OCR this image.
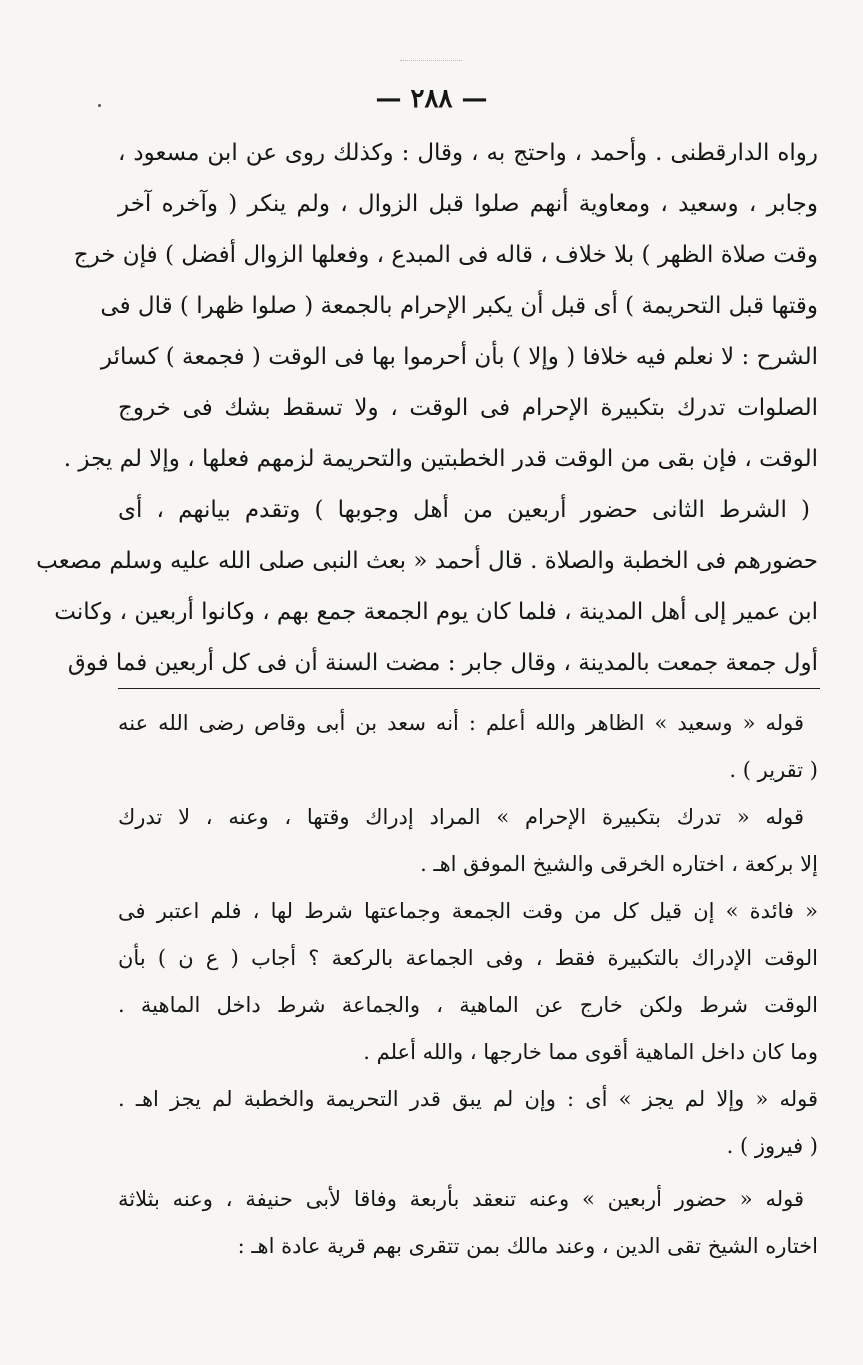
— ٢٨٨ —
رواه الدارقطنى . وأحمد ، واحتج به ، وقال : وكذلك روى عن ابن مسعود ،
وجابر ، وسعيد ، ومعاوية أنهم صلوا قبل الزوال ، ولم ينكر ( وآخره آخر
وقت صلاة الظهر ) بلا خلاف ، قاله فى المبدع ، وفعلها الزوال أفضل ) فإن خرج
وقتها قبل التحريمة ) أى قبل أن يكبر الإحرام بالجمعة ( صلوا ظهرا ) قال فى
الشرح : لا نعلم فيه خلافا ( وإلا ) بأن أحرموا بها فى الوقت ( فجمعة ) كسائر
الصلوات تدرك بتكبيرة الإحرام فى الوقت ، ولا تسقط بشك فى خروج
الوقت ، فإن بقى من الوقت قدر الخطبتين والتحريمة لزمهم فعلها ، وإلا لم يجز .
( الشرط الثانى حضور أربعين من أهل وجوبها ) وتقدم بيانهم ، أى
حضورهم فى الخطبة والصلاة . قال أحمد « بعث النبى صلى الله عليه وسلم مصعب
ابن عمير إلى أهل المدينة ، فلما كان يوم الجمعة جمع بهم ، وكانوا أربعين ، وكانت
أول جمعة جمعت بالمدينة ، وقال جابر : مضت السنة أن فى كل أربعين فما فوق
قوله « وسعيد » الظاهر والله أعلم : أنه سعد بن أبى وقاص رضى الله عنه
( تقرير ) .
قوله « تدرك بتكبيرة الإحرام » المراد إدراك وقتها ، وعنه ، لا تدرك
إلا بركعة ، اختاره الخرقى والشيخ الموفق اهـ .
« فائدة » إن قيل كل من وقت الجمعة وجماعتها شرط لها ، فلم اعتبر فى
الوقت الإدراك بالتكبيرة فقط ، وفى الجماعة بالركعة ؟ أجاب ( ع ن ) بأن
الوقت شرط ولكن خارج عن الماهية ، والجماعة شرط داخل الماهية .
وما كان داخل الماهية أقوى مما خارجها ، والله أعلم .
قوله « وإلا لم يجز » أى : وإن لم يبق قدر التحريمة والخطبة لم يجز اهـ .
( فيروز ) .
قوله « حضور أربعين » وعنه تنعقد بأربعة وفاقا لأبى حنيفة ، وعنه بثلاثة
اختاره الشيخ تقى الدين ، وعند مالك بمن تتقرى بهم قرية عادة اهـ :
